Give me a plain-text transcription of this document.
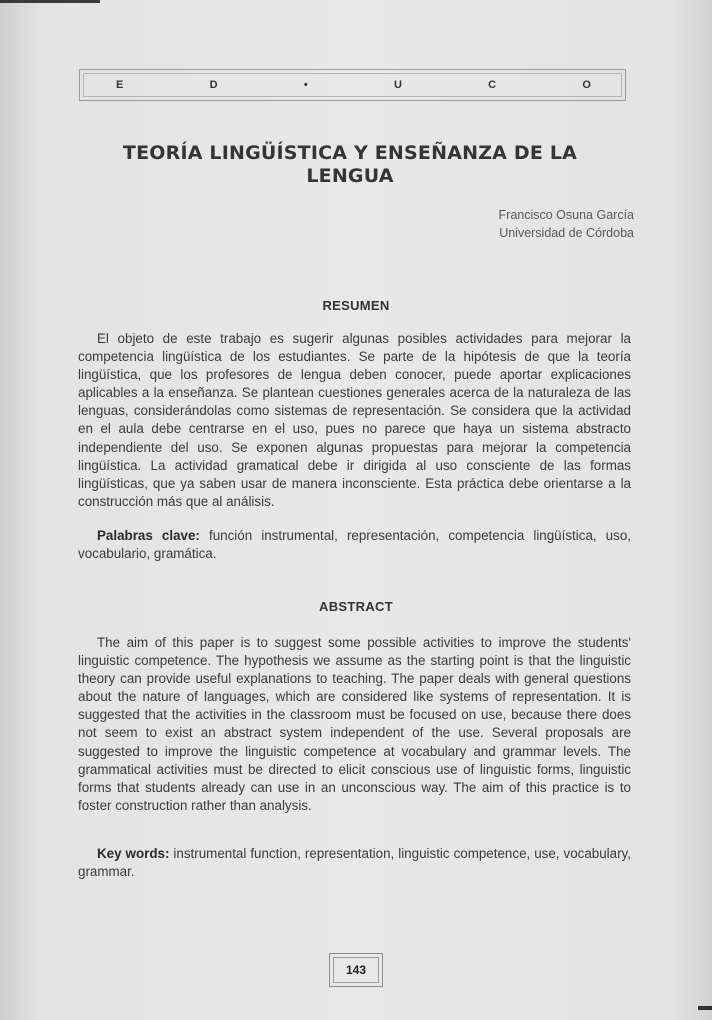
E	D	•	U	C	O
TEORÍA LINGÜÍSTICA Y ENSEÑANZA DE LA LENGUA
Francisco Osuna García
Universidad de Córdoba
RESUMEN

El objeto de este trabajo es sugerir algunas posibles actividades para mejorar la competencia lingüística de los estudiantes. Se parte de la hipótesis de que la teoría lingüística, que los profesores de lengua deben conocer, puede aportar explicaciones aplicables a la enseñanza. Se plantean cuestiones generales acerca de la naturaleza de las lenguas, considerándolas como sistemas de representación. Se considera que la actividad en el aula debe centrarse en el uso, pues no parece que haya un sistema abstracto independiente del uso. Se exponen algunas propuestas para mejorar la competencia lingüística. La actividad gramatical debe ir dirigida al uso consciente de las formas lingüísticas, que ya saben usar de manera inconsciente. Esta práctica debe orientarse a la construcción más que al análisis.

Palabras clave: función instrumental, representación, competencia lingüística, uso, vocabulario, gramática.

ABSTRACT

The aim of this paper is to suggest some possible activities to improve the students' linguistic competence. The hypothesis we assume as the starting point is that the linguistic theory can provide useful explanations to teaching. The paper deals with general questions about the nature of languages, which are considered like systems of representation. It is suggested that the activities in the classroom must be focused on use, because there does not seem to exist an abstract system independent of the use. Several proposals are suggested to improve the linguistic competence at vocabulary and grammar levels. The grammatical activities must be directed to elicit conscious use of linguistic forms, linguistic forms that students already can use in an unconscious way. The aim of this practice is to foster construction rather than analysis.

Key words: instrumental function, representation, linguistic competence, use, vocabulary, grammar.

143
